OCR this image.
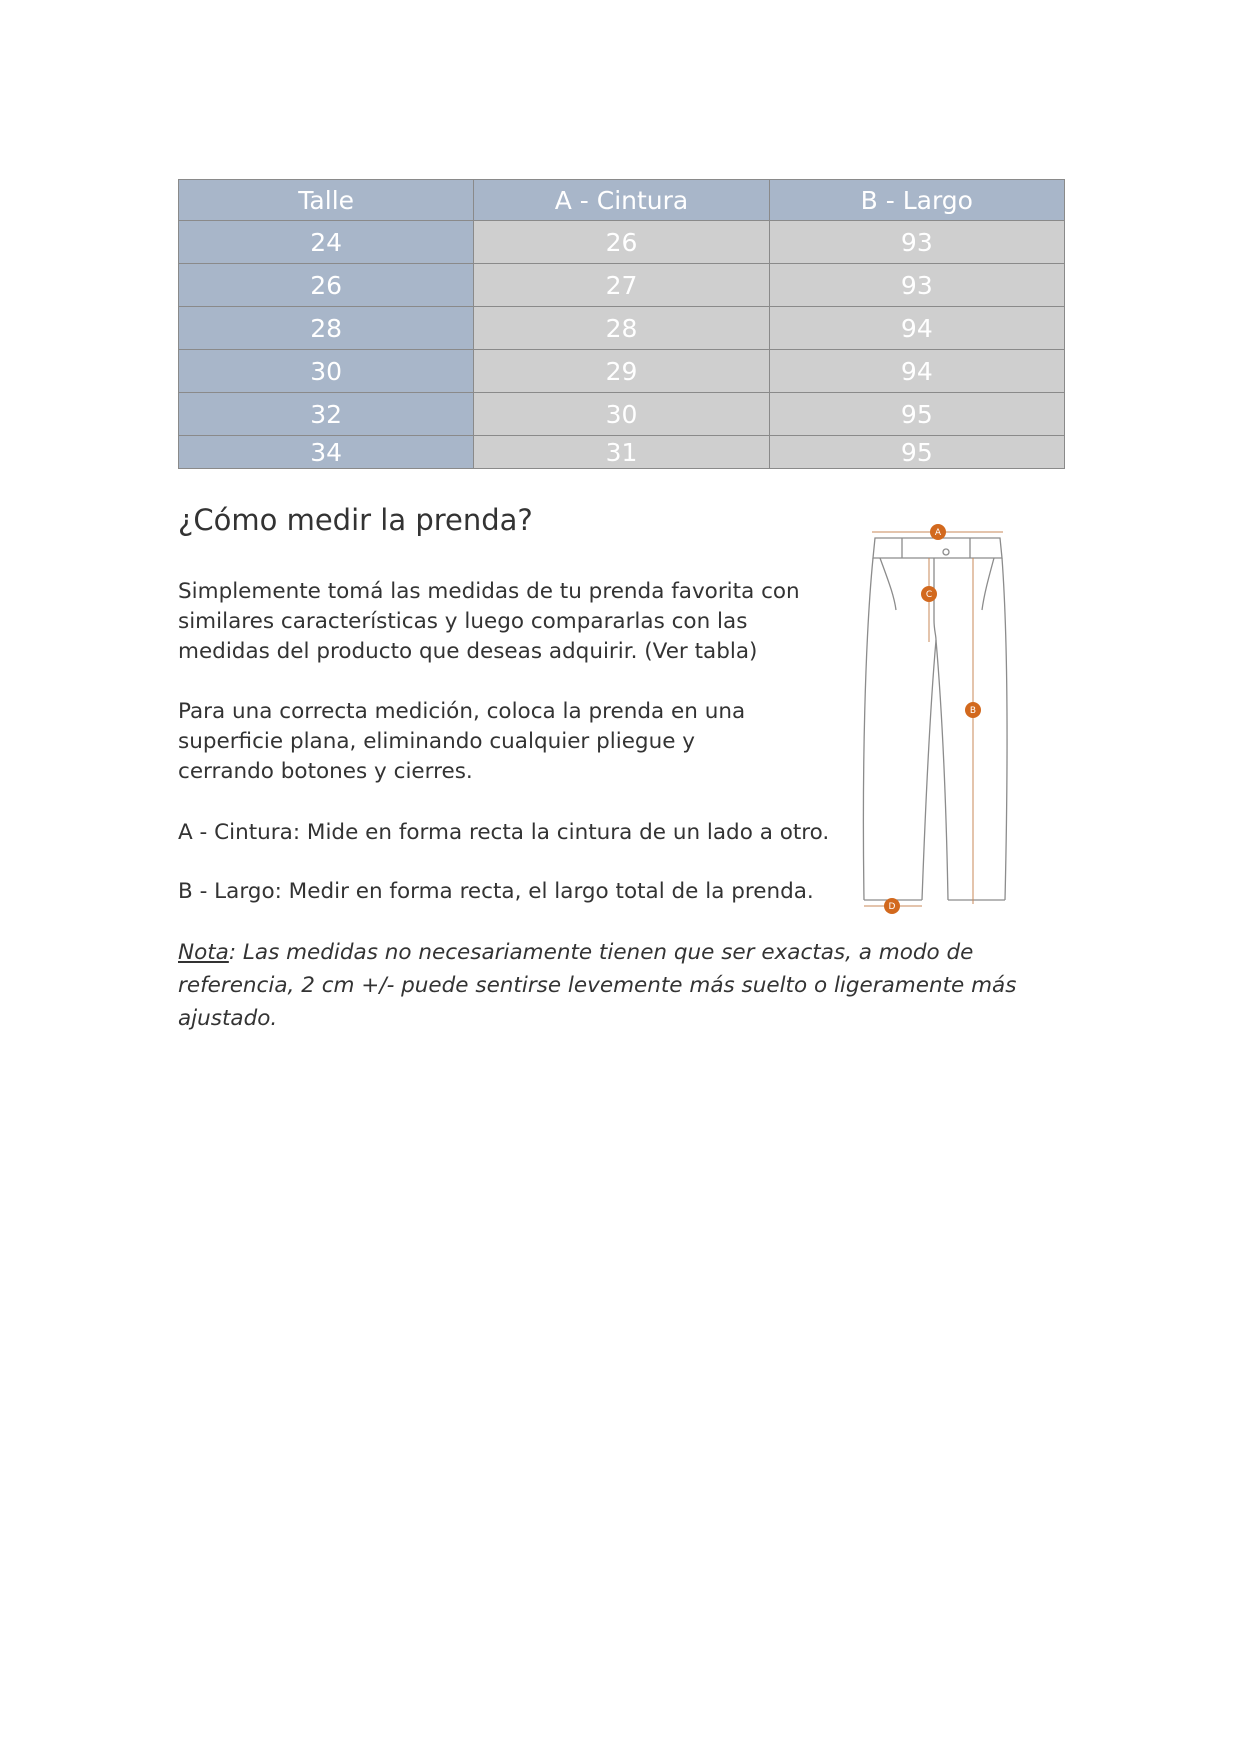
Talle	A - Cintura	B - Largo
24	26	93
26	27	93
28	28	94
30	29	94
32	30	95
34	31	95
¿Cómo medir la prenda?

Simplemente tomá las medidas de tu prenda favorita con
similares características y luego compararlas con las
medidas del producto que deseas adquirir. (Ver tabla)

Para una correcta medición, coloca la prenda en una
superficie plana, eliminando cualquier pliegue y
cerrando botones y cierres.

A - Cintura: Mide en forma recta la cintura de un lado a otro.

B - Largo: Medir en forma recta, el largo total de la prenda.

Nota: Las medidas no necesariamente tienen que ser exactas, a modo de referencia, 2 cm +/- puede sentirse levemente más suelto o ligeramente más ajustado.

A
C
B
D
